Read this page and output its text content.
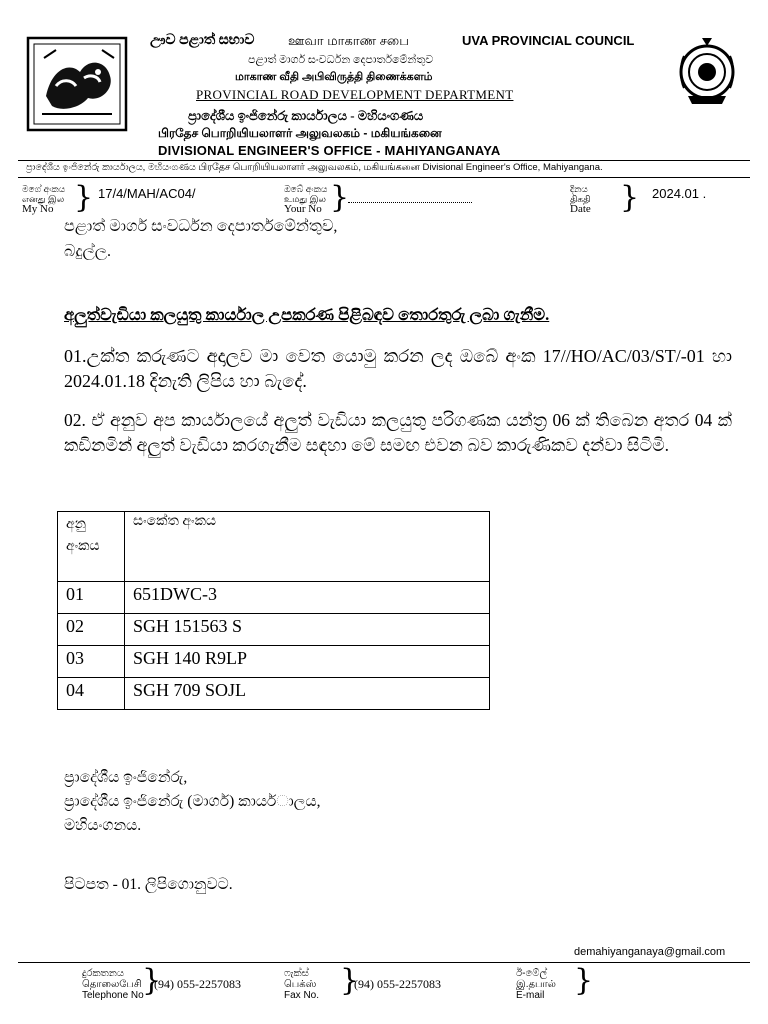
ඌව පළාත් සභාව	ஊவா மாகாண சபை	UVA PROVINCIAL COUNCIL
පළාත් මාර්ග සංවර්ධන දෙපාර්තමේන්තුව
மாகாண வீதி அபிவிருத்தி திணைக்களம்
PROVINCIAL ROAD DEVELOPMENT DEPARTMENT
ප්‍රාදේශීය ඉංජිනේරු කාර්යාලය - මහියංගණය
பிரதேச பொறியியலாளர் அலுவலகம் - மகியங்கனை
DIVISIONAL ENGINEER'S OFFICE - MAHIYANGANAYA
ප්‍රාදේශීය ඉංජිනේරු කාර්යාලය, මහියංගණය பிரதேச பொறியியலாளர் அலுவலகம், மகியங்கனை Divisional Engineer's Office, Mahiyangana.
මගේ අංකය
எனது இல
My No } 17/4/MAH/AC04/	ඔබේ අංකය
உமது இல
Your No }	දිනය
திகதி
Date } 2024.01 .
පළාත් මාර්ග සංවර්ධන දෙපාර්තමේන්තුව,
බදුල්ල.
අලුත්වැඩියා කලයුතු කාර්යාල උපකරණ පිළිබඳව තොරතුරු ලබා ගැනීම.
01.උක්ත කරුණට අදාලව මා වෙත යොමු කරන ලද ඔබේ අංක 17//HO/AC/03/ST/-01 හා 2024.01.18 දිනැති ලිපිය හා බැදේ.
02. ඒ අනුව අප කාර්යාලයේ අලුත් වැඩියා කලයුතු පරිගණක යන්ත්‍ර 06 ක් තිබෙන අතර 04 ක් කඩිනමින් අලුත් වැඩියා කරගැනීම සඳහා මේ සමඟ එවන බව කාරුණිකව දන්වා සිටිමි.
අනු අංකය	සංකේත අංකය
01	651DWC-3
02	SGH 151563 S
03	SGH 140 R9LP
04	SGH 709 SOJL
ප්‍රාදේශීය ඉංජිනේරු,
ප්‍රාදේශීය ඉංජිනේරු (මාගර්) කායර්ාලය,
මහියංගනය.
පිටපත - 01. ලිපිගොනුවට.
demahiyanganaya@gmail.com
දුරකතනය
தொலைபேசி
Telephone No
}
(94) 055-2257083
ෆැක්ස්
பெக்ஸ்
Fax No. }
(94) 055-2257083
ඊ-මේල්
இ.தபால்
E-mail }
